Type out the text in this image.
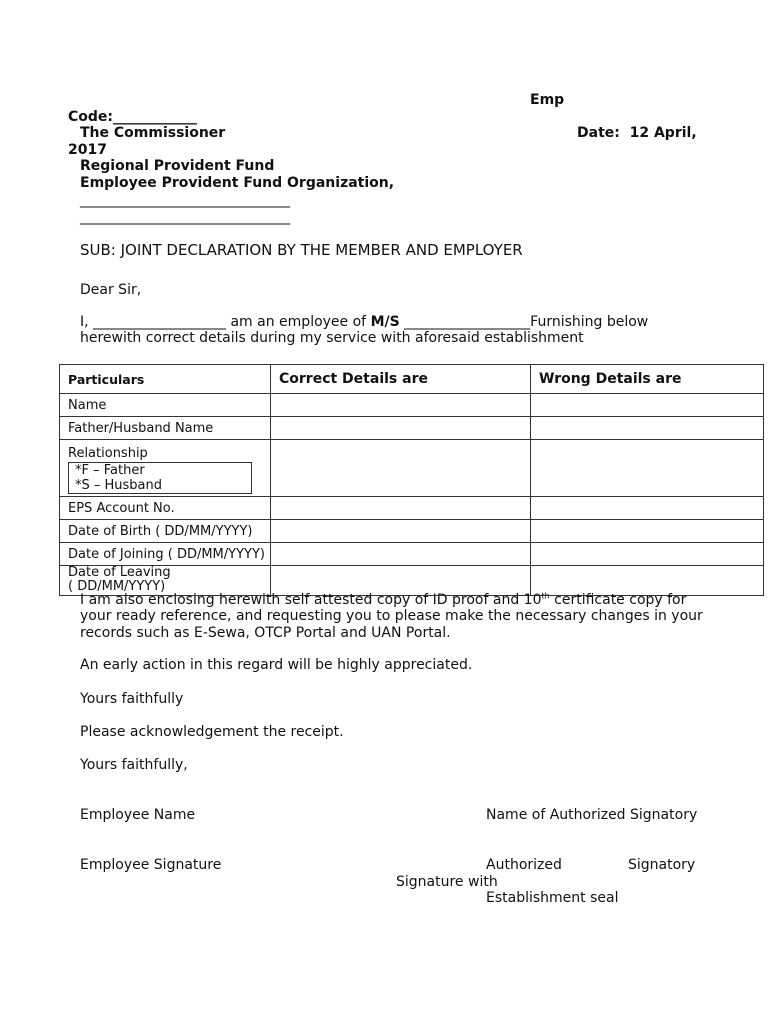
Emp
Code:____________
The Commissioner	Date: 12 April,
2017
Regional Provident Fund
Employee Provident Fund Organization,
______________________________
______________________________
SUB: JOINT DECLARATION BY THE MEMBER AND EMPLOYER
Dear Sir,
I, ___________________ am an employee of M/S __________________Furnishing below
herewith correct details during my service with aforesaid establishment
Particulars	Correct Details are	Wrong Details are
Name		
Father/Husband Name		

Relationship
*F – Father
*S – Husband		

EPS Account No.		
Date of Birth ( DD/MM/YYYY)		
Date of Joining ( DD/MM/YYYY)		

Date of Leaving
( DD/MM/YYYY)		

I am also enclosing herewith self attested copy of ID proof and 10th certificate copy for
your ready reference, and requesting you to please make the necessary changes in your
records such as E-Sewa, OTCP Portal and UAN Portal.
An early action in this regard will be highly appreciated.
Yours faithfully
Please acknowledgement the receipt.
Yours faithfully,
Employee Name	Name of Authorized Signatory
Employee Signature	Authorized	Signatory
Signature with
Establishment seal
